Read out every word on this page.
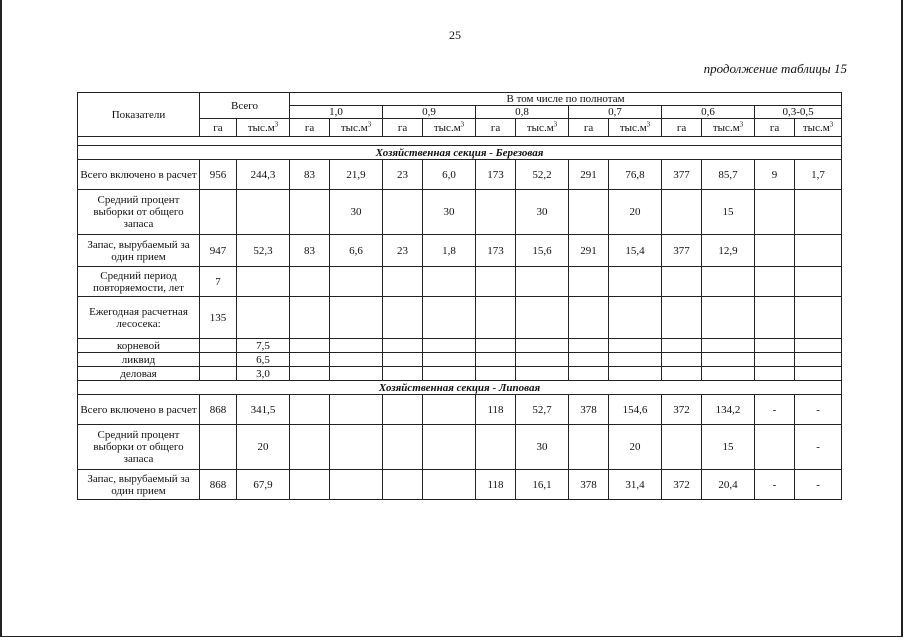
25
продолжение таблицы 15
Показатели	Всего		В том числе по полнотам											
			1,0		0,9		0,8		0,7		0,6		0,3-0,5	
	га	$тыс.м^3$	га	$тыс.м^3$	га	$тыс.м^3$	га	$тыс.м^3$	га	$тыс.м^3$	га	$тыс.м^3$	га	$тыс.м^3$

Хозяйственная секция - Березовая														
Всего включено в расчет	956	244,3	83	21,9	23	6,0	173	52,2	291	76,8	377	85,7	9	1,7
Средний процент выборки от общего запаса				30		30		30		20		15		
Запас, вырубаемый за один прием	947	52,3	83	6,6	23	1,8	173	15,6	291	15,4	377	12,9		
Средний период повторяемости, лет	7													
Ежегодная расчетная лесосека:	135													
корневой		7,5												
ликвид		6,5												
деловая		3,0												
Хозяйственная секция - Липовая														
Всего включено в расчет	868	341,5					118	52,7	378	154,6	372	134,2	-	-
Средний процент выборки от общего запаса		20						30		20		15		-
Запас, вырубаемый за один прием	868	67,9					118	16,1	378	31,4	372	20,4	-	-
